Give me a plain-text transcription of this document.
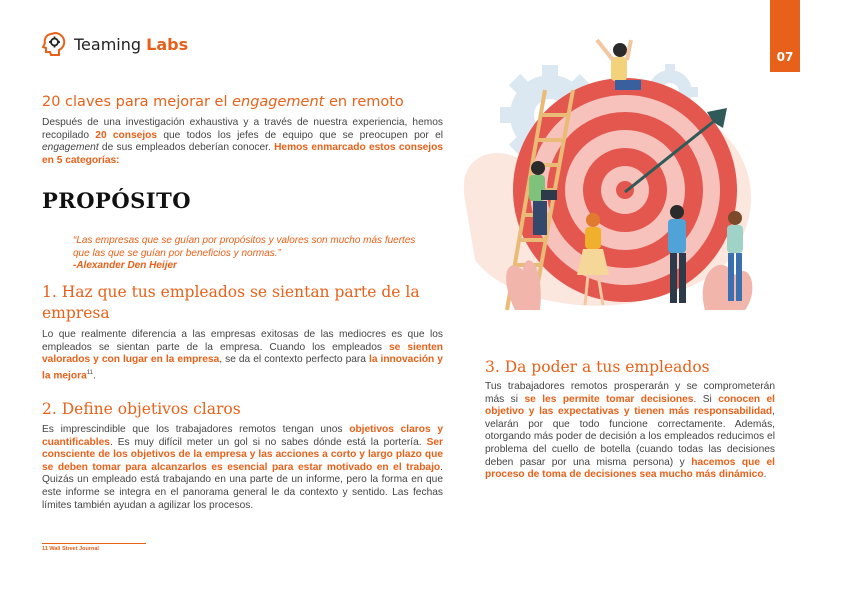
Teaming Labs
07
20 claves para mejorar el engagement en remoto
Después de una investigación exhaustiva y a través de nuestra experiencia, hemos recopilado 20 consejos que todos los jefes de equipo que se preocupen por el engagement de sus empleados deberían conocer. Hemos enmarcado estos consejos en 5 categorías:
PROPÓSITO
“Las empresas que se guían por propósitos y valores son mucho más fuertes que las que se guían por beneficios y normas.”
-Alexander Den Heijer
1. Haz que tus empleados se sientan parte de la empresa
Lo que realmente diferencia a las empresas exitosas de las mediocres es que los empleados se sientan parte de la empresa. Cuando los empleados se sienten valorados y con lugar en la empresa, se da el contexto perfecto para la innovación y la mejora$^{11}$.
2. Define objetivos claros
Es imprescindible que los trabajadores remotos tengan unos objetivos claros y cuantificables. Es muy difícil meter un gol si no sabes dónde está la portería. Ser consciente de los objetivos de la empresa y las acciones a corto y largo plazo que se deben tomar para alcanzarlos es esencial para estar motivado en el trabajo. Quizás un empleado está trabajando en una parte de un informe, pero la forma en que este informe se integra en el panorama general le da contexto y sentido. Las fechas límites también ayudan a agilizar los procesos.
11 Wall Street Journal
3. Da poder a tus empleados
Tus trabajadores remotos prosperarán y se comprometerán más si se les permite tomar decisiones. Si conocen el objetivo y las expectativas y tienen más responsabilidad, velarán por que todo funcione correctamente. Además, otorgando más poder de decisión a los empleados reducimos el problema del cuello de botella (cuando todas las decisiones deben pasar por una misma persona) y hacemos que el proceso de toma de decisiones sea mucho más dinámico.
